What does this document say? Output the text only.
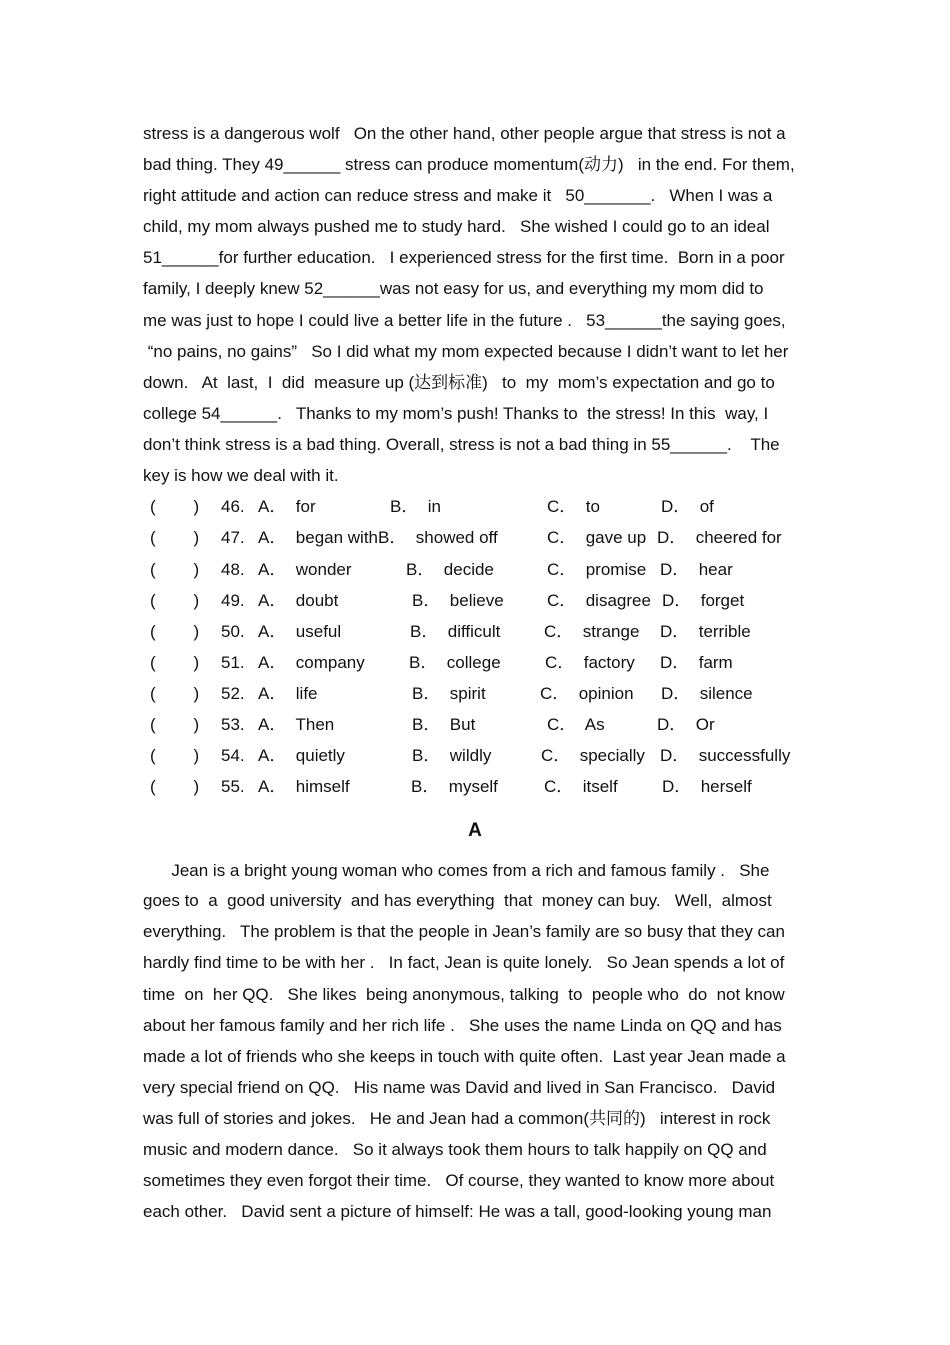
stress is a dangerous wolf   On the other hand, other people argue that stress is not a
bad thing. They 49______ stress can produce momentum(动力)   in the end. For them,
right attitude and action can reduce stress and make it   50_______.   When I was a
child, my mom always pushed me to study hard.   She wished I could go to an ideal
51______for further education.   I experienced stress for the first time.  Born in a poor
family, I deeply knew 52______was not easy for us, and everything my mom did to
me was just to hope I could live a better life in the future .   53______the saying goes,
“no pains, no gains”   So I did what my mom expected because I didn’t want to let her
down.   At  last,  I  did  measure up (达到标准)   to  my  mom’s expectation and go to
college 54______.   Thanks to my mom’s push! Thanks to  the stress! In this  way, I
don’t think stress is a bad thing. Overall, stress is not a bad thing in 55______.    The
key is how we deal with it.
(        ) 46. A．  for	B．  in	C．  to	D．  of
(        ) 47. A．  began with B．  showed off	C．  gave up D．  cheered for
(        ) 48. A．  wonder	B．  decide	C．  promise D．  hear
(        ) 49. A．  doubt	B．  believe	C．  disagree D．  forget
(        ) 50. A．  useful	B．  difficult	C．  strange D．  terrible
(        ) 51. A．  company	B．  college	C．  factory D．  farm
(        ) 52. A．  life	B．  spirit	C．  opinion D．  silence
(        ) 53. A．  Then	B．  But	C．  As	D．  Or
(        ) 54. A．  quietly	B．  wildly	C．  specially D．  successfully
(        ) 55. A．  himself	B．  myself	C．  itself	D．  herself
A
Jean is a bright young woman who comes from a rich and famous family .   She
goes to  a  good university  and has everything  that  money can buy.   Well,  almost
everything.   The problem is that the people in Jean’s family are so busy that they can
hardly find time to be with her .   In fact, Jean is quite lonely.   So Jean spends a lot of
time  on  her QQ.   She likes  being anonymous, talking  to  people who  do  not know
about her famous family and her rich life .   She uses the name Linda on QQ and has
made a lot of friends who she keeps in touch with quite often.  Last year Jean made a
very special friend on QQ.   His name was David and lived in San Francisco.   David
was full of stories and jokes.   He and Jean had a common(共同的)   interest in rock
music and modern dance.   So it always took them hours to talk happily on QQ and
sometimes they even forgot their time.   Of course, they wanted to know more about
each other.   David sent a picture of himself: He was a tall, good-looking young man
